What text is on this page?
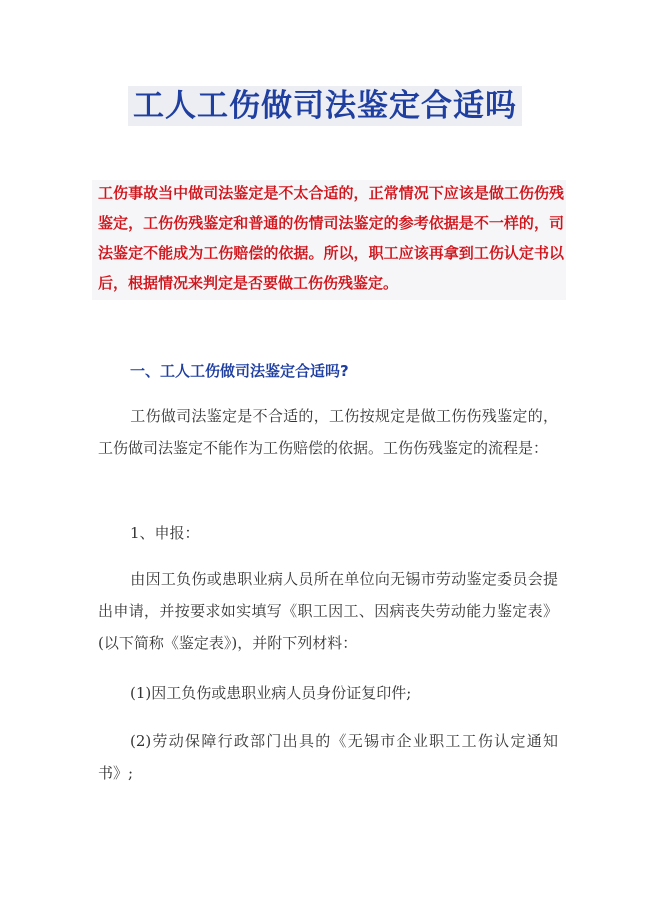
工人工伤做司法鉴定合适吗

工伤事故当中做司法鉴定是不太合适的，正常情况下应该是做工伤伤残鉴定，工伤伤残鉴定和普通的伤情司法鉴定的参考依据是不一样的，司法鉴定不能成为工伤赔偿的依据。所以，职工应该再拿到工伤认定书以后，根据情况来判定是否要做工伤伤残鉴定。

一、工人工伤做司法鉴定合适吗?

工伤做司法鉴定是不合适的，工伤按规定是做工伤伤残鉴定的，工伤做司法鉴定不能作为工伤赔偿的依据。工伤伤残鉴定的流程是：

1、申报：

由因工负伤或患职业病人员所在单位向无锡市劳动鉴定委员会提出申请，并按要求如实填写《职工因工、因病丧失劳动能力鉴定表》(以下简称《鉴定表》)，并附下列材料：

(1)因工负伤或患职业病人员身份证复印件;

(2)劳动保障行政部门出具的《无锡市企业职工工伤认定通知书》;
